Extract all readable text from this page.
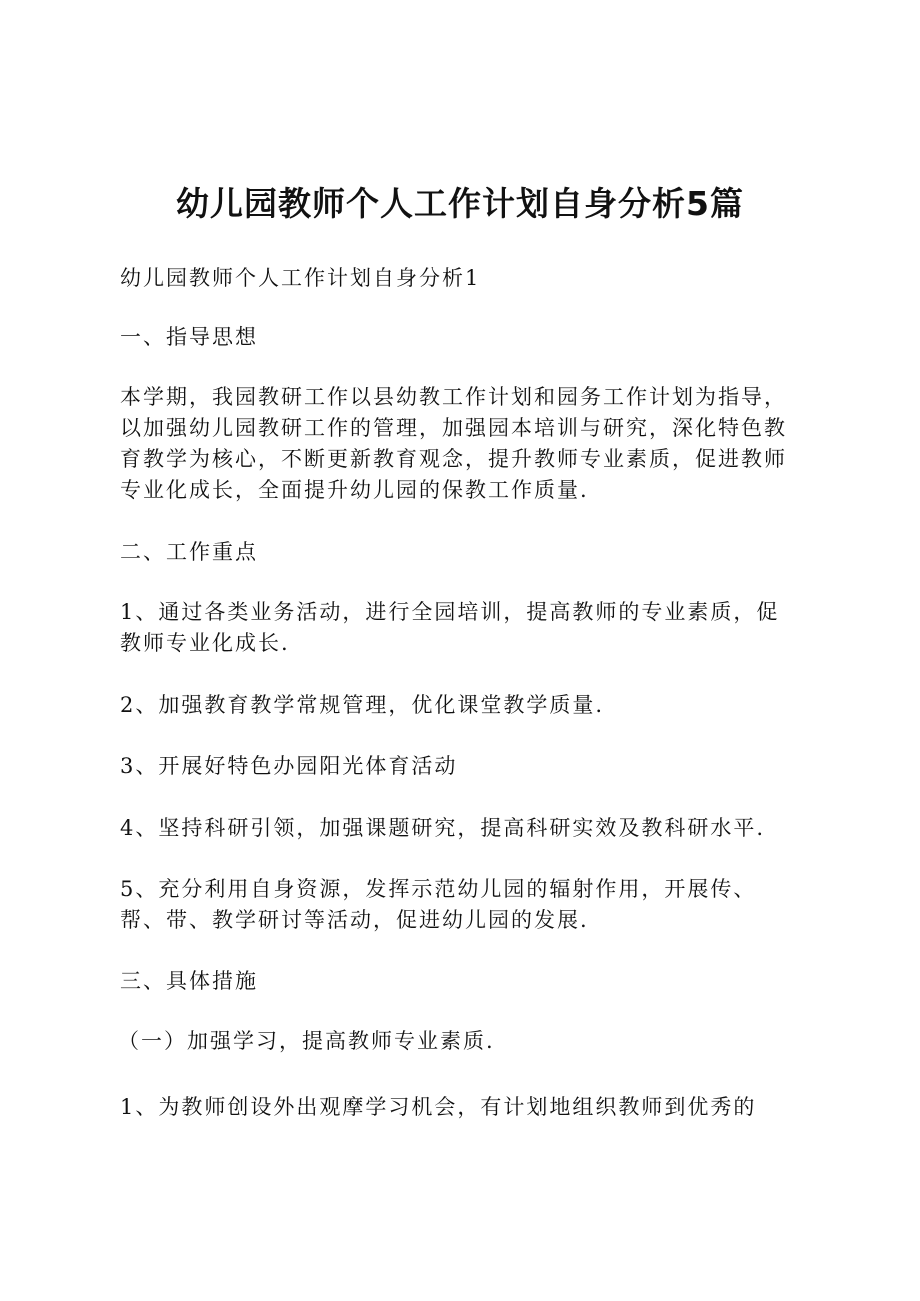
幼儿园教师个人工作计划自身分析5篇

幼儿园教师个人工作计划自身分析1

一、指导思想

本学期，我园教研工作以县幼教工作计划和园务工作计划为指导，
以加强幼儿园教研工作的管理，加强园本培训与研究，深化特色教
育教学为核心，不断更新教育观念，提升教师专业素质，促进教师
专业化成长，全面提升幼儿园的保教工作质量.

二、工作重点

1、通过各类业务活动，进行全园培训，提高教师的专业素质，促
教师专业化成长.

2、加强教育教学常规管理，优化课堂教学质量.

3、开展好特色办园阳光体育活动

4、坚持科研引领，加强课题研究，提高科研实效及教科研水平.

5、充分利用自身资源，发挥示范幼儿园的辐射作用，开展传、
帮、带、教学研讨等活动，促进幼儿园的发展.

三、具体措施

（一）加强学习，提高教师专业素质.

1、为教师创设外出观摩学习机会，有计划地组织教师到优秀的
